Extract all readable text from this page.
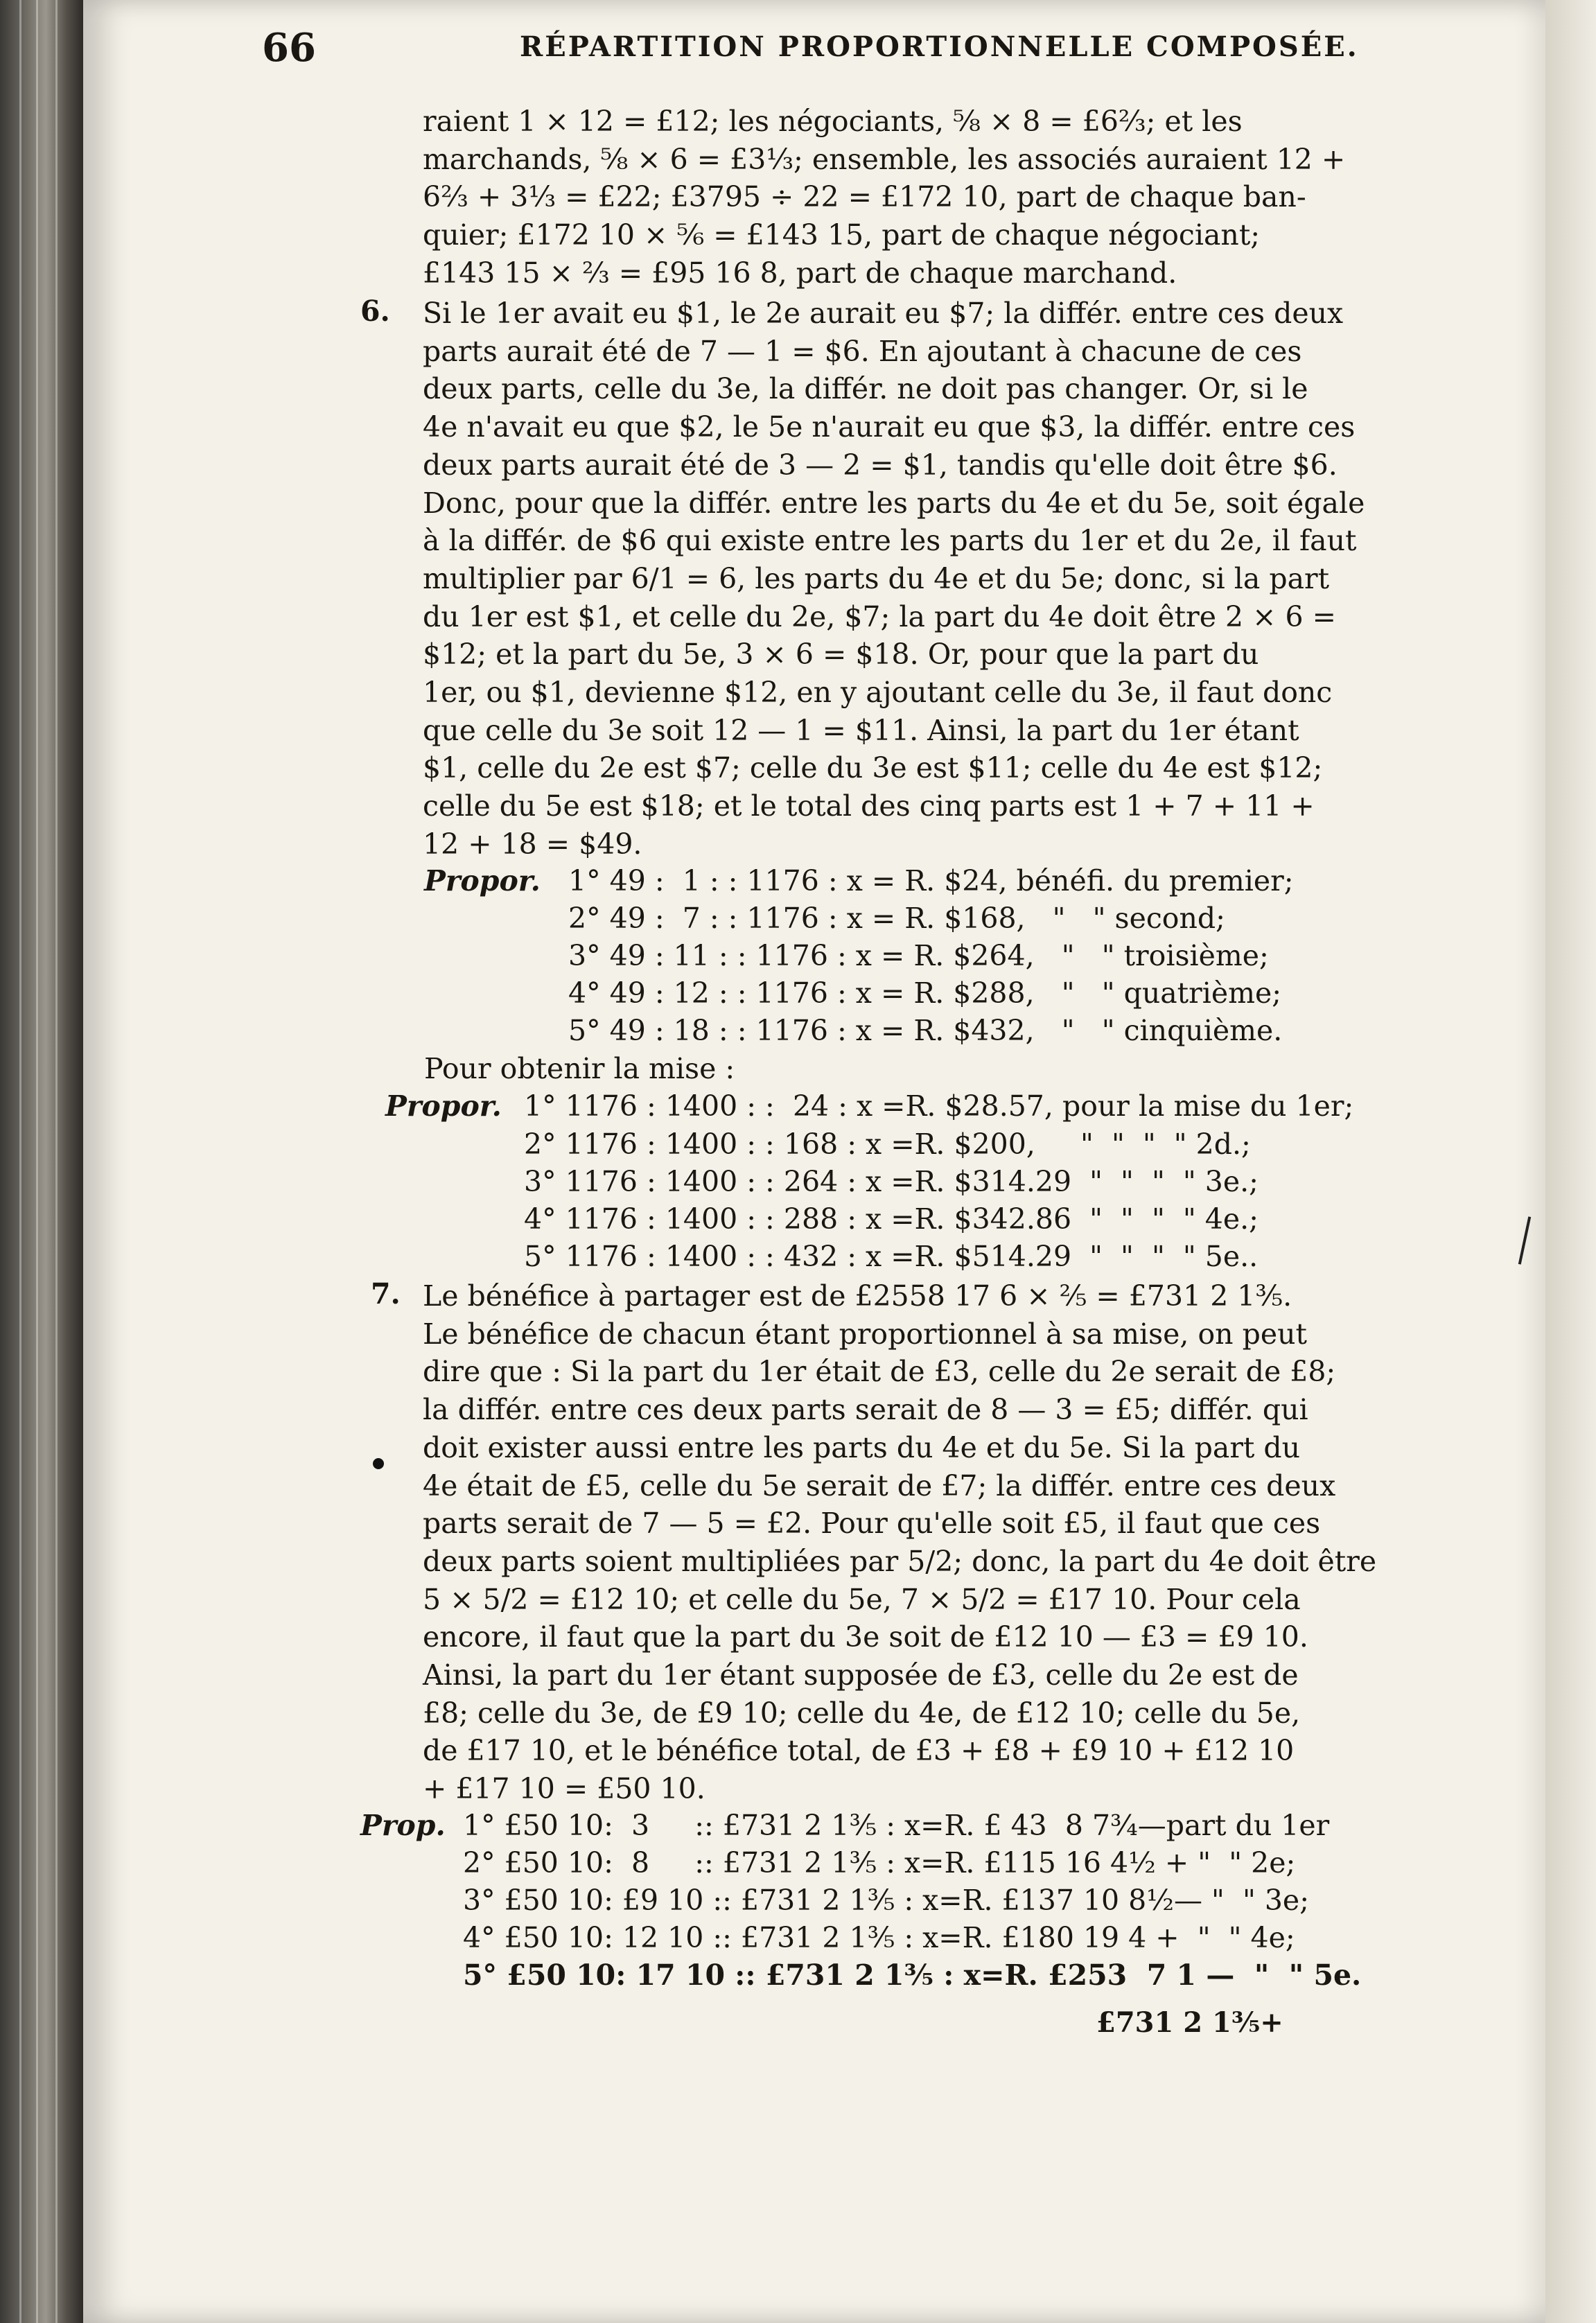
66	RÉPARTITION PROPORTIONNELLE COMPOSÉE.

raient 1 × 12 = £12; les négociants, ⅝ × 8 = £6⅔; et les

marchands, ⅝ × 6 = £3⅓; ensemble, les associés auraient 12 +

6⅔ + 3⅓ = £22; £3795 ÷ 22 = £172 10, part de chaque ban-

quier; £172 10 × ⅚ = £143 15, part de chaque négociant;

£143 15 × ⅔ = £95 16 8, part de chaque marchand.

6. Si le 1er avait eu $1, le 2e aurait eu $7; la différ. entre ces deux

parts aurait été de 7 — 1 = $6. En ajoutant à chacune de ces

deux parts, celle du 3e, la différ. ne doit pas changer. Or, si le

4e n'avait eu que $2, le 5e n'aurait eu que $3, la différ. entre ces

deux parts aurait été de 3 — 2 = $1, tandis qu'elle doit être $6.

Donc, pour que la différ. entre les parts du 4e et du 5e, soit égale

à la différ. de $6 qui existe entre les parts du 1er et du 2e, il faut

multiplier par 6/1 = 6, les parts du 4e et du 5e; donc, si la part

du 1er est $1, et celle du 2e, $7; la part du 4e doit être 2 × 6 =

$12; et la part du 5e, 3 × 6 = $18. Or, pour que la part du

1er, ou $1, devienne $12, en y ajoutant celle du 3e, il faut donc

que celle du 3e soit 12 — 1 = $11. Ainsi, la part du 1er étant

$1, celle du 2e est $7; celle du 3e est $11; celle du 4e est $12;

celle du 5e est $18; et le total des cinq parts est 1 + 7 + 11 +

12 + 18 = $49.

Propor. 1° 49 :  1 : : 1176 : x = R. $24, bénéfi. du premier;
2° 49 :  7 : : 1176 : x = R. $168,   "   " second;
3° 49 : 11 : : 1176 : x = R. $264,   "   " troisième;
4° 49 : 12 : : 1176 : x = R. $288,   "   " quatrième;
5° 49 : 18 : : 1176 : x = R. $432,   "   " cinquième.
Pour obtenir la mise :
Propor. 1° 1176 : 1400 : :  24 : x =R. $28.57, pour la mise du 1er;
2° 1176 : 1400 : : 168 : x =R. $200,     "  "  "  " 2d.;
3° 1176 : 1400 : : 264 : x =R. $314.29  "  "  "  " 3e.;
4° 1176 : 1400 : : 288 : x =R. $342.86  "  "  "  " 4e.;
5° 1176 : 1400 : : 432 : x =R. $514.29  "  "  "  " 5e..
7. Le bénéfice à partager est de £2558 17 6 × ⅖ = £731 2 1⅗.

Le bénéfice de chacun étant proportionnel à sa mise, on peut

dire que : Si la part du 1er était de £3, celle du 2e serait de £8;

la différ. entre ces deux parts serait de 8 — 3 = £5; différ. qui

doit exister aussi entre les parts du 4e et du 5e. Si la part du

4e était de £5, celle du 5e serait de £7; la différ. entre ces deux

parts serait de 7 — 5 = £2. Pour qu'elle soit £5, il faut que ces

deux parts soient multipliées par 5/2; donc, la part du 4e doit être

5 × 5/2 = £12 10; et celle du 5e, 7 × 5/2 = £17 10. Pour cela

encore, il faut que la part du 3e soit de £12 10 — £3 = £9 10.

Ainsi, la part du 1er étant supposée de £3, celle du 2e est de

£8; celle du 3e, de £9 10; celle du 4e, de £12 10; celle du 5e,

de £17 10, et le bénéfice total, de £3 + £8 + £9 10 + £12 10

+ £17 10 = £50 10.

Prop. 1° £50 10:  3     :: £731 2 1⅗ : x=R. £ 43  8 7¾—part du 1er
2° £50 10:  8     :: £731 2 1⅗ : x=R. £115 16 4½ + "  " 2e;
3° £50 10: £9 10 :: £731 2 1⅗ : x=R. £137 10 8½— "  " 3e;
4° £50 10: 12 10 :: £731 2 1⅗ : x=R. £180 19 4 +  "  " 4e;
5° £50 10: 17 10 :: £731 2 1⅗ : x=R. £253  7 1 —  "  " 5e.
£731 2 1⅗+
